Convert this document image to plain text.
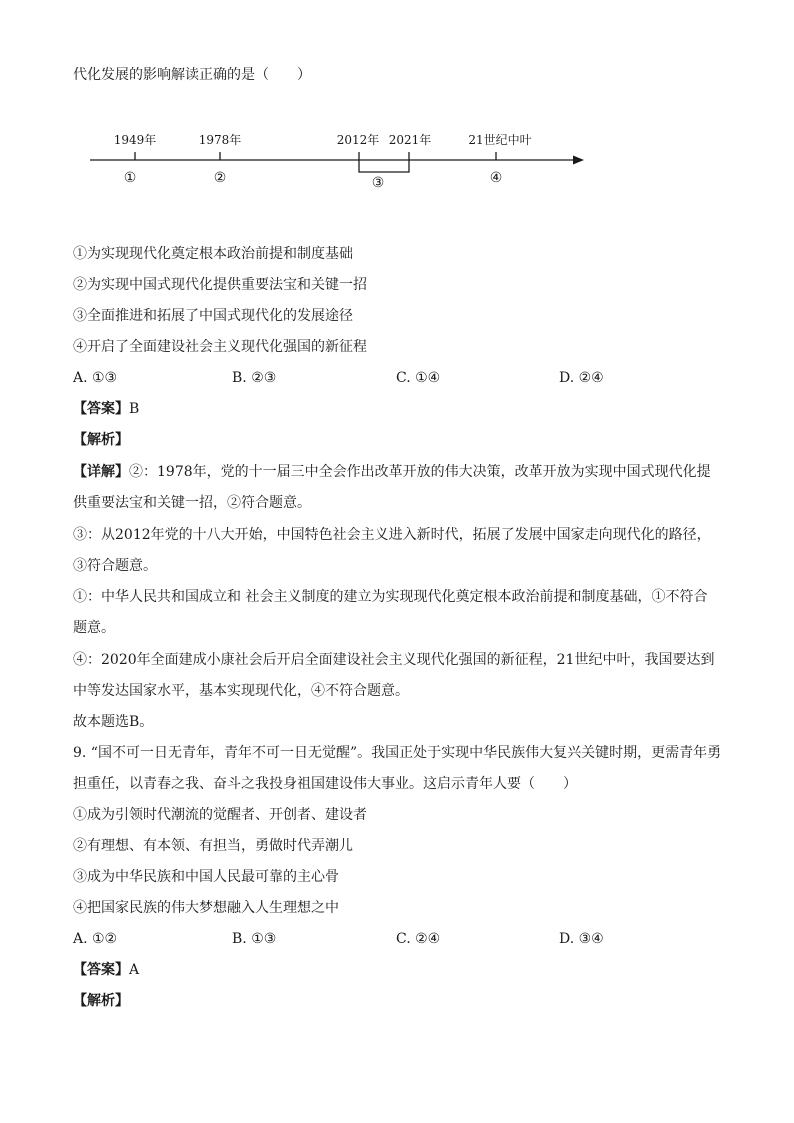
代化发展的影响解读正确的是（　　）
1949年	1978年	2012年 2021年	21世纪中叶
①	②	③	④
①为实现现代化奠定根本政治前提和制度基础
②为实现中国式现代化提供重要法宝和关键一招
③全面推进和拓展了中国式现代化的发展途径
④开启了全面建设社会主义现代化强国的新征程
A. ①③	B. ②③	C. ①④	D. ②④
【答案】B
【解析】
【详解】②：1978年，党的十一届三中全会作出改革开放的伟大决策，改革开放为实现中国式现代化提
供重要法宝和关键一招，②符合题意。
③：从2012年党的十八大开始，中国特色社会主义进入新时代，拓展了发展中国家走向现代化的路径，
③符合题意。
①：中华人民共和国成立和 社会主义制度的建立为实现现代化奠定根本政治前提和制度基础，①不符合
题意。
④：2020年全面建成小康社会后开启全面建设社会主义现代化强国的新征程，21世纪中叶，我国要达到
中等发达国家水平，基本实现现代化，④不符合题意。
故本题选B。
9. “国不可一日无青年，青年不可一日无觉醒”。我国正处于实现中华民族伟大复兴关键时期，更需青年勇
担重任，以青春之我、奋斗之我投身祖国建设伟大事业。这启示青年人要（　　）
①成为引领时代潮流的觉醒者、开创者、建设者
②有理想、有本领、有担当，勇做时代弄潮儿
③成为中华民族和中国人民最可靠的主心骨
④把国家民族的伟大梦想融入人生理想之中
A. ①②	B. ①③	C. ②④	D. ③④
【答案】A
【解析】
